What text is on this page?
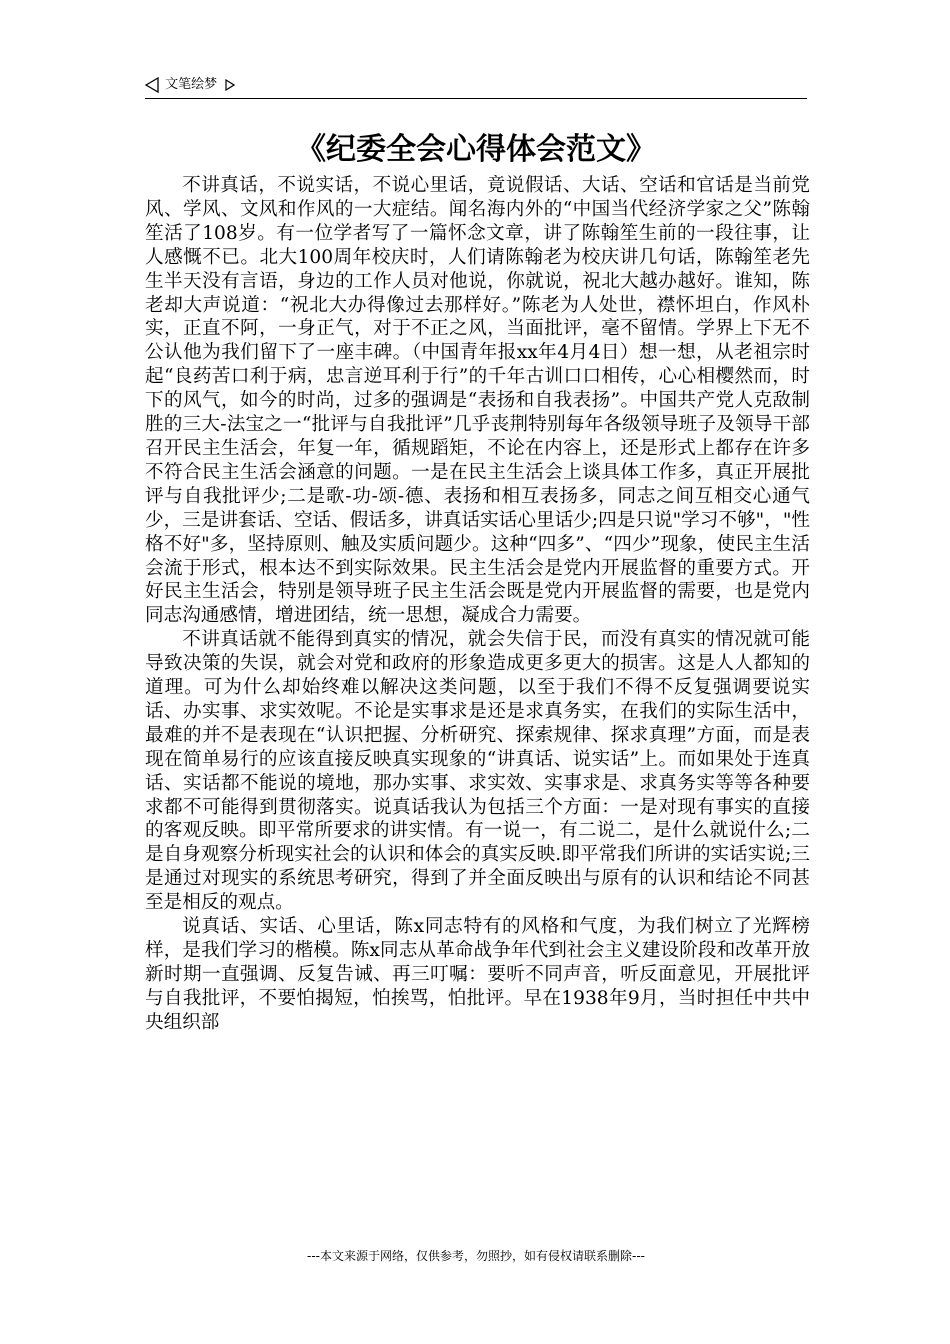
文笔绘梦
《纪委全会心得体会范文》

不讲真话，不说实话，不说心里话，竟说假话、大话、空话和官话是当前党风、学风、文风和作风的一大症结。闻名海内外的“中国当代经济学家之父”陈翰笙活了108岁。有一位学者写了一篇怀念文章，讲了陈翰笙生前的一段往事，让人感慨不已。北大100周年校庆时，人们请陈翰老为校庆讲几句话，陈翰笙老先生半天没有言语，身边的工作人员对他说，你就说，祝北大越办越好。谁知，陈老却大声说道：“祝北大办得像过去那样好。”陈老为人处世，襟怀坦白，作风朴实，正直不阿，一身正气，对于不正之风，当面批评，毫不留情。学界上下无不公认他为我们留下了一座丰碑。（中国青年报xx年4月4日）想一想，从老祖宗时起“良药苦口利于病，忠言逆耳利于行”的千年古训口口相传，心心相樱然而，时下的风气，如今的时尚，过多的强调是“表扬和自我表扬”。中国共产党人克敌制胜的三大-法宝之一“批评与自我批评”几乎丧荆特别每年各级领导班子及领导干部召开民主生活会，年复一年，循规蹈矩，不论在内容上，还是形式上都存在许多不符合民主生活会涵意的问题。一是在民主生活会上谈具体工作多，真正开展批评与自我批评少;二是歌-功-颂-德、表扬和相互表扬多，同志之间互相交心通气少，三是讲套话、空话、假话多，讲真话实话心里话少;四是只说"学习不够"，"性格不好"多，坚持原则、触及实质问题少。这种“四多”、“四少”现象，使民主生活会流于形式，根本达不到实际效果。民主生活会是党内开展监督的重要方式。开好民主生活会，特别是领导班子民主生活会既是党内开展监督的需要，也是党内同志沟通感情，增进团结，统一思想，凝成合力需要。

不讲真话就不能得到真实的情况，就会失信于民，而没有真实的情况就可能导致决策的失误，就会对党和政府的形象造成更多更大的损害。这是人人都知的道理。可为什么却始终难以解决这类问题，以至于我们不得不反复强调要说实话、办实事、求实效呢。不论是实事求是还是求真务实，在我们的实际生活中，最难的并不是表现在“认识把握、分析研究、探索规律、探求真理”方面，而是表现在简单易行的应该直接反映真实现象的“讲真话、说实话”上。而如果处于连真话、实话都不能说的境地，那办实事、求实效、实事求是、求真务实等等各种要求都不可能得到贯彻落实。说真话我认为包括三个方面：一是对现有事实的直接的客观反映。即平常所要求的讲实情。有一说一，有二说二，是什么就说什么;二是自身观察分析现实社会的认识和体会的真实反映.即平常我们所讲的实话实说;三是通过对现实的系统思考研究，得到了并全面反映出与原有的认识和结论不同甚至是相反的观点。

说真话、实话、心里话，陈x同志特有的风格和气度，为我们树立了光辉榜样，是我们学习的楷模。陈x同志从革命战争年代到社会主义建设阶段和改革开放新时期一直强调、反复告诫、再三叮嘱：要听不同声音，听反面意见，开展批评与自我批评，不要怕揭短，怕挨骂，怕批评。早在1938年9月，当时担任中共中央组织部

---本文来源于网络，仅供参考，勿照抄，如有侵权请联系删除---
